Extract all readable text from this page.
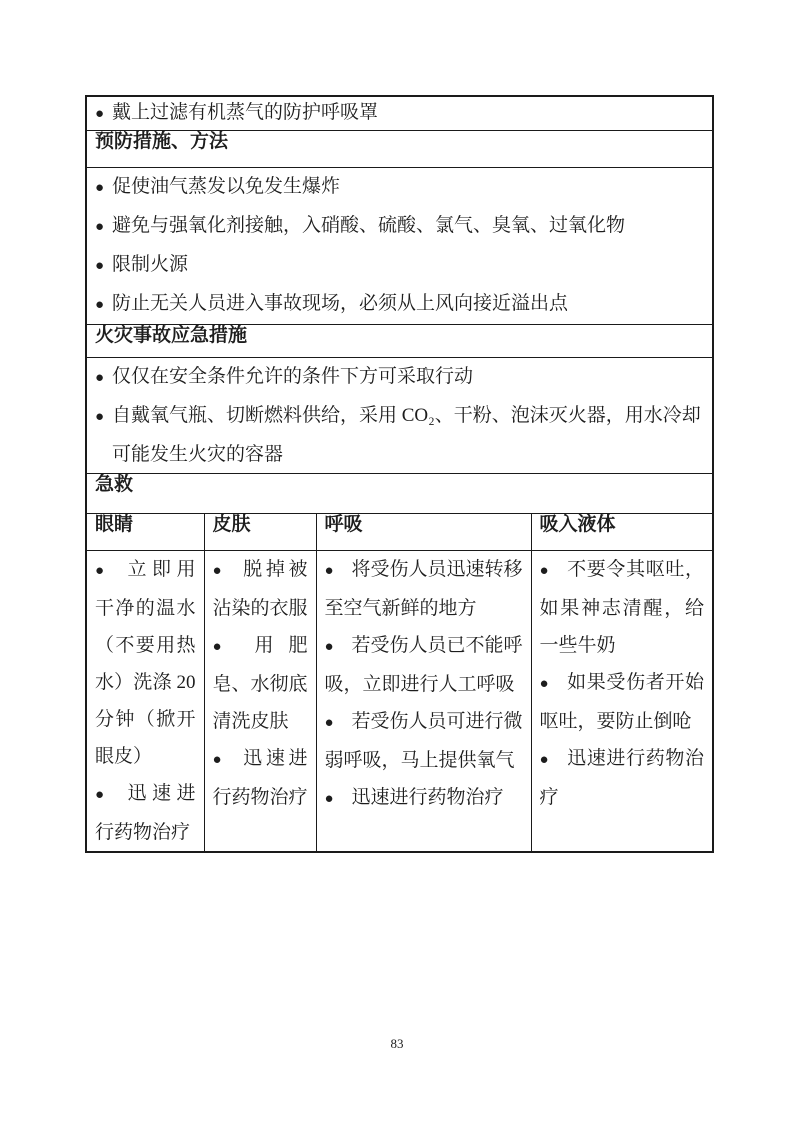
● 戴上过滤有机蒸气的防护呼吸罩			

预防措施、方法			

● 促使油气蒸发以免发生爆炸
● 避免与强氧化剂接触，入硝酸、硫酸、氯气、臭氧、过氧化物
● 限制火源
● 防止无关人员进入事故现场，必须从上风向接近溢出点			

火灾事故应急措施			

● 仅仅在安全条件允许的条件下方可采取行动
● 自戴氧气瓶、切断燃料供给，采用 CO₂、干粉、泡沫灭火器，用水冷却可能发生火灾的容器			

急救			
眼睛	皮肤	呼吸	吸入液体

● 立即用干净的温水（不要用热水）洗涤 20 分钟（掀开眼皮）
● 迅速进行药物治疗

● 脱掉被沾染的衣服
● 用肥皂、水彻底清洗皮肤
● 迅速进行药物治疗

● 将受伤人员迅速转移至空气新鲜的地方
● 若受伤人员已不能呼吸，立即进行人工呼吸
● 若受伤人员可进行微弱呼吸，马上提供氧气
● 迅速进行药物治疗

● 不要令其呕吐，如果神志清醒，给一些牛奶
● 如果受伤者开始呕吐，要防止倒呛
● 迅速进行药物治疗
83
